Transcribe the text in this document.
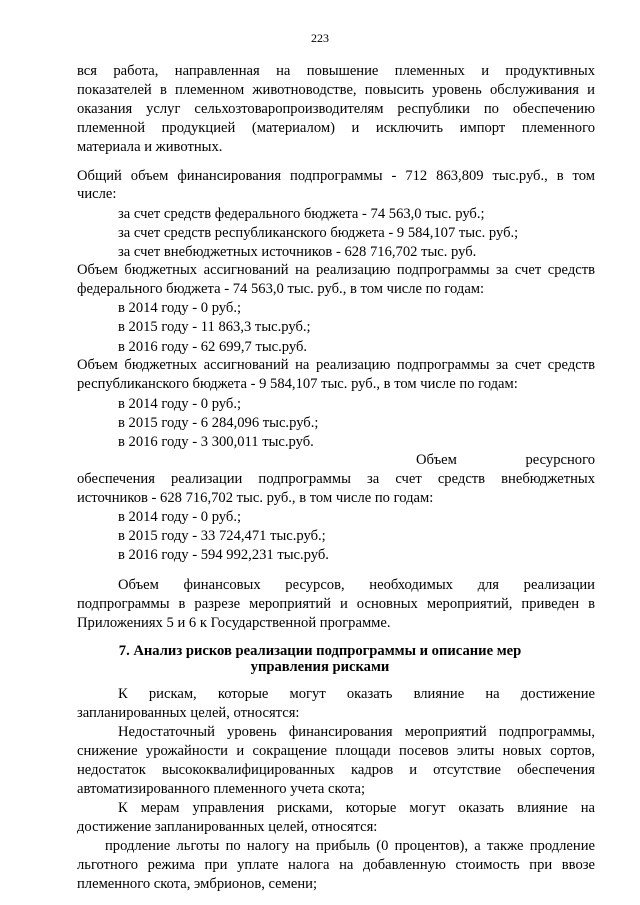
223

вся работа, направленная на повышение племенных и продуктивных

показателей в племенном животноводстве, повысить уровень обслуживания и

оказания услуг сельхозтоваропроизводителям республики по обеспечению

племенной продукцией (материалом) и исключить импорт племенного

материала и животных.

Общий объем финансирования подпрограммы - 712 863,809 тыс.руб., в том

числе:

за счет средств федерального бюджета - 74 563,0 тыс. руб.;

за счет средств республиканского бюджета - 9 584,107 тыс. руб.;

за счет внебюджетных источников - 628 716,702 тыс. руб.

Объем бюджетных ассигнований на реализацию подпрограммы за счет средств

федерального бюджета - 74 563,0 тыс. руб., в том числе по годам:

в 2014 году - 0 руб.;

в 2015 году - 11 863,3 тыс.руб.;

в 2016 году - 62 699,7 тыс.руб.

Объем бюджетных ассигнований на реализацию подпрограммы за счет средств

республиканского бюджета - 9 584,107 тыс. руб., в том числе по годам:

в 2014 году - 0 руб.;

в 2015 году - 6 284,096 тыс.руб.;

в 2016 году - 3 300,011 тыс.руб.

Объем ресурсного

обеспечения реализации подпрограммы за счет средств внебюджетных

источников - 628 716,702 тыс. руб., в том числе по годам:

в 2014 году - 0 руб.;

в 2015 году - 33 724,471 тыс.руб.;

в 2016 году - 594 992,231 тыс.руб.

Объем финансовых ресурсов, необходимых для реализации

подпрограммы в разрезе мероприятий и основных мероприятий, приведен в

Приложениях 5 и 6 к Государственной программе.

7. Анализ рисков реализации подпрограммы и описание мер
управления рисками

К рискам, которые могут оказать влияние на достижение

запланированных целей, относятся:

Недостаточный уровень финансирования мероприятий подпрограммы,

снижение урожайности и сокращение площади посевов элиты новых сортов,

недостаток высококвалифицированных кадров и отсутствие обеспечения

автоматизированного племенного учета скота;

К мерам управления рисками, которые могут оказать влияние на

достижение запланированных целей, относятся:

продление льготы по налогу на прибыль (0 процентов), а также продление

льготного режима при уплате налога на добавленную стоимость при ввозе

племенного скота, эмбрионов, семени;
